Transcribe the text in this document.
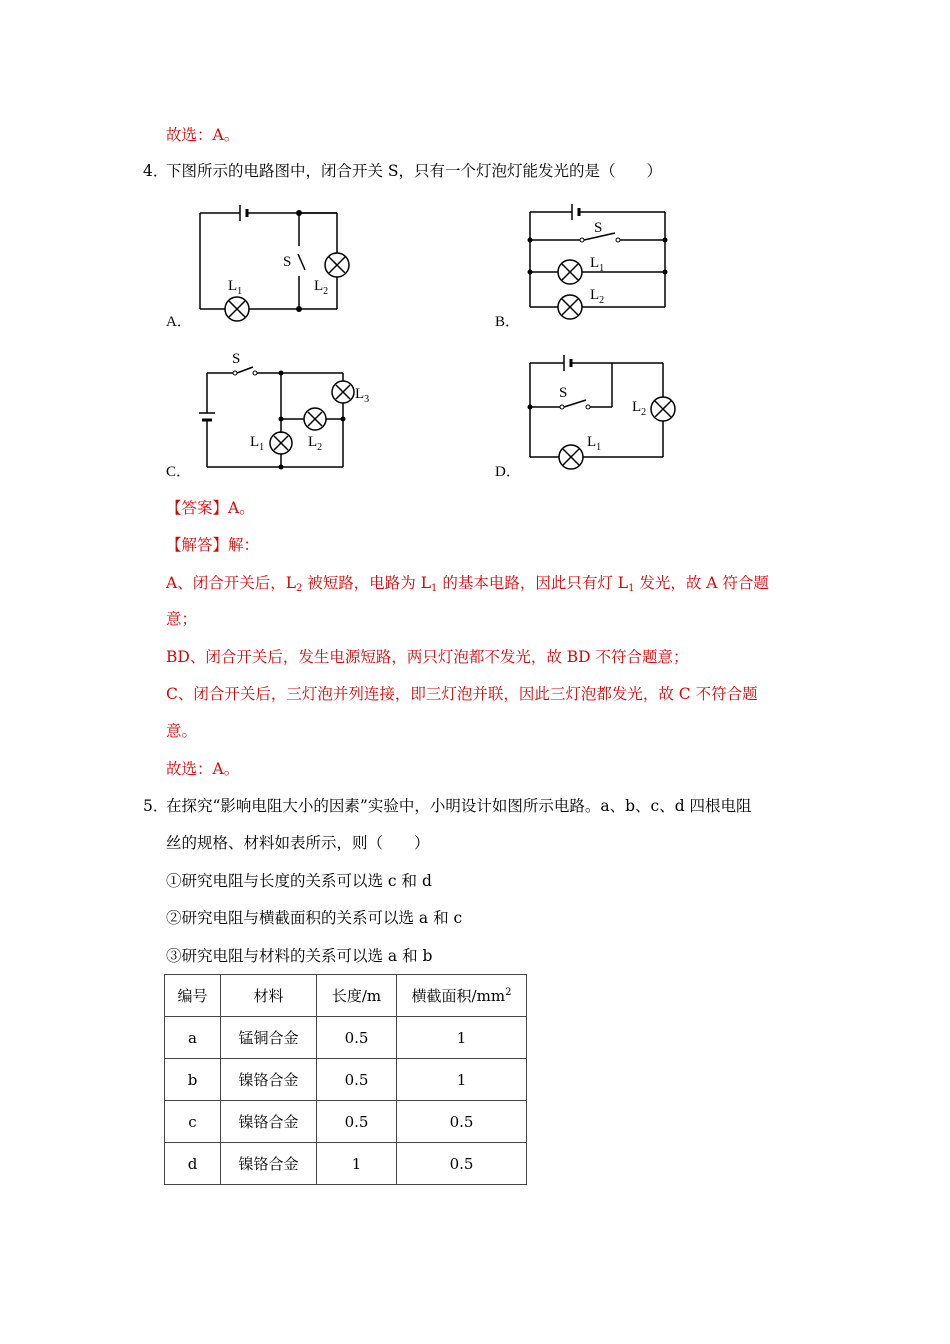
故选：A。
4．
下图所示的电路图中，闭合开关 S，只有一个灯泡灯能发光的是（　　）
S
$L_1$	$L_2$
A．
S
$L_1$
$L_2$
B．
S
$L_3$
$L_1$	$L_2$
C．
S
$L_2$
$L_1$
D．
【答案】A。
【解答】解：
A、闭合开关后，$L_2$ 被短路，电路为 $L_1$ 的基本电路，因此只有灯 $L_1$ 发光，故 A 符合题
意；
BD、闭合开关后，发生电源短路，两只灯泡都不发光，故 BD 不符合题意；
C、闭合开关后，三灯泡并列连接，即三灯泡并联，因此三灯泡都发光，故 C 不符合题
意。
故选：A。
5．
在探究“影响电阻大小的因素”实验中，小明设计如图所示电路。a、b、c、d 四根电阻
丝的规格、材料如表所示，则（　　）
①研究电阻与长度的关系可以选 c 和 d
②研究电阻与横截面积的关系可以选 a 和 c
③研究电阻与材料的关系可以选 a 和 b
编号	材料	长度/m	横截面积$/mm^2$
a	锰铜合金	0.5	1
b	镍铬合金	0.5	1
c	镍铬合金	0.5	0.5
d	镍铬合金	1	0.5
